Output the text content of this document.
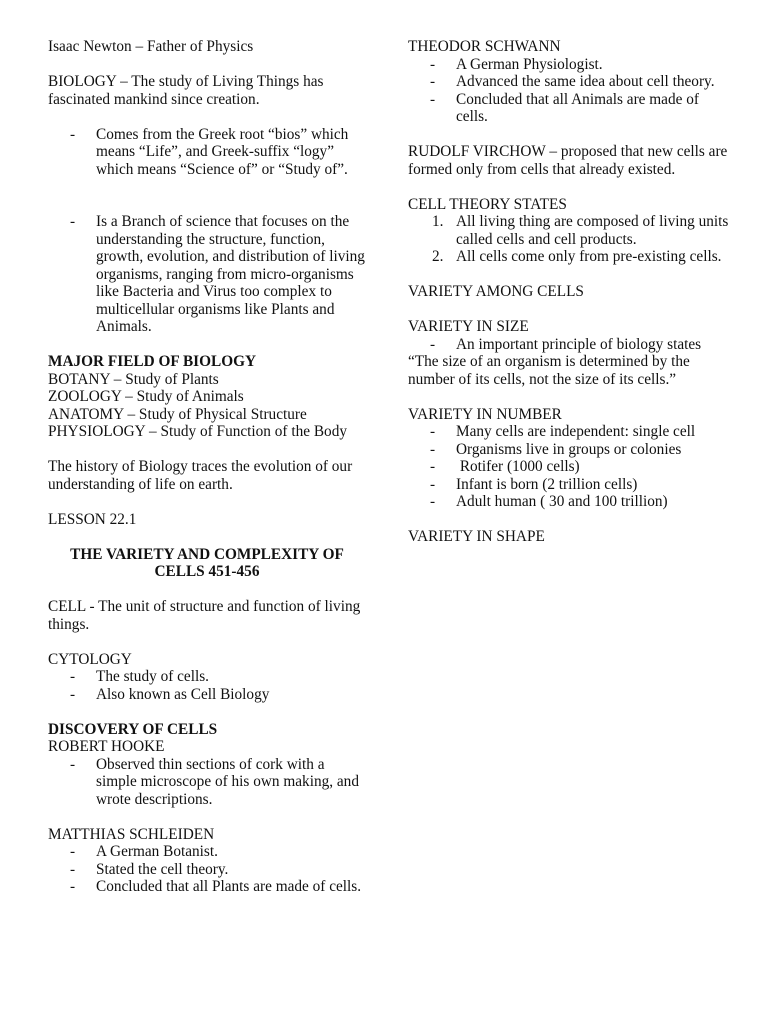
Isaac Newton – Father of Physics

BIOLOGY – The study of Living Things has fascinated mankind since creation.

-	Comes from the Greek root “bios” which means “Life”, and Greek-suffix “logy” which means “Science of” or “Study of”.
-	Is a Branch of science that focuses on the understanding the structure, function, growth, evolution, and distribution of living organisms, ranging from micro-organisms like Bacteria and Virus too complex to multicellular organisms like Plants and Animals.

MAJOR FIELD OF BIOLOGY

BOTANY – Study of Plants

ZOOLOGY – Study of Animals

ANATOMY – Study of Physical Structure

PHYSIOLOGY – Study of Function of the Body

The history of Biology traces the evolution of our understanding of life on earth.

LESSON 22.1

THE VARIETY AND COMPLEXITY OF CELLS 451-456

CELL - The unit of structure and function of living things.

CYTOLOGY

-	The study of cells.
-	Also known as Cell Biology

DISCOVERY OF CELLS

ROBERT HOOKE

-	Observed thin sections of cork with a simple microscope of his own making, and wrote descriptions.

MATTHIAS SCHLEIDEN

-	A German Botanist.
-	Stated the cell theory.
-	Concluded that all Plants are made of cells.

THEODOR SCHWANN

-	A German Physiologist.
-	Advanced the same idea about cell theory.
-	Concluded that all Animals are made of cells.

RUDOLF VIRCHOW – proposed that new cells are formed only from cells that already existed.

CELL THEORY STATES

1. All living thing are composed of living units called cells and cell products.
2. All cells come only from pre-existing cells.

VARIETY AMONG CELLS

VARIETY IN SIZE

-	An important principle of biology states

“The size of an organism is determined by the number of its cells, not the size of its cells.”

VARIETY IN NUMBER

-	Many cells are independent: single cell
-	Organisms live in groups or colonies
-	Rotifer (1000 cells)
-	Infant is born (2 trillion cells)
-	Adult human ( 30 and 100 trillion)

VARIETY IN SHAPE
